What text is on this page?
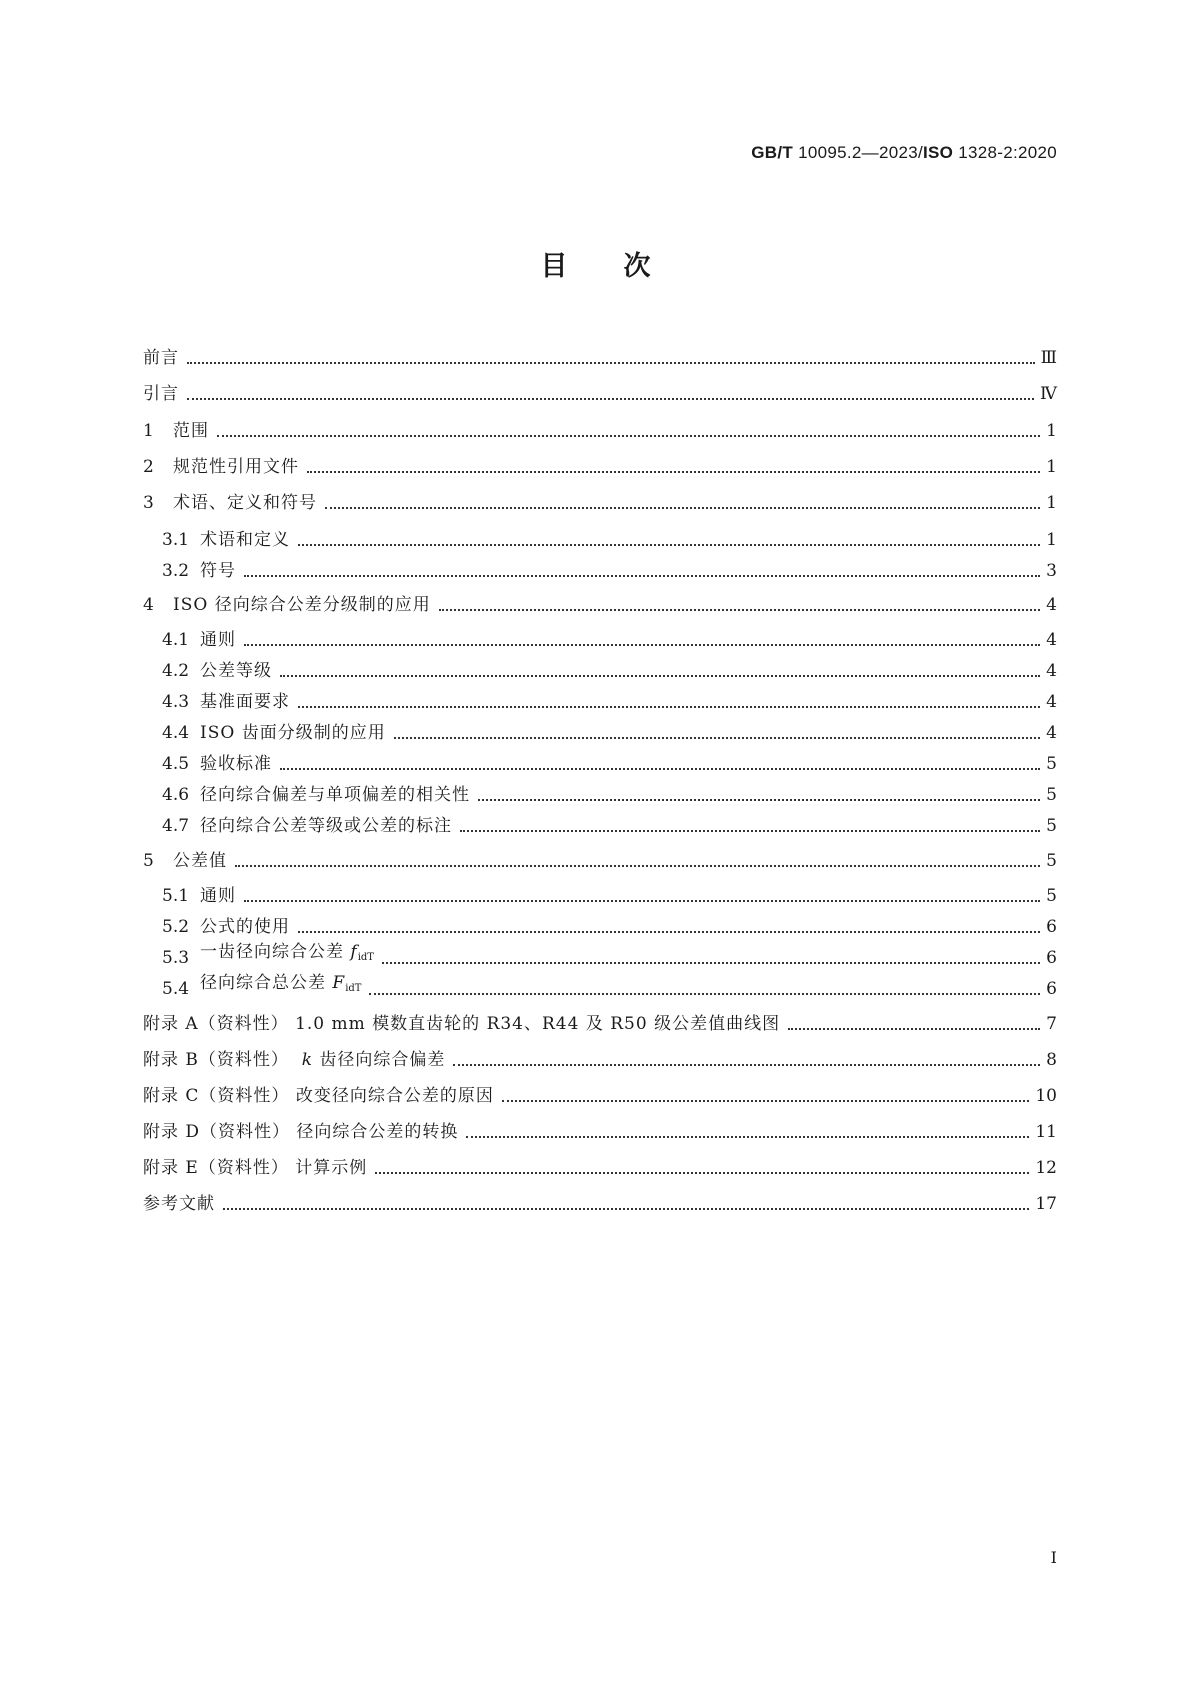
GB/T 10095.2—2023/ISO 1328-2:2020
目次
前言	Ⅲ
引言	Ⅳ
1	范围	1
2	规范性引用文件	1
3	术语、定义和符号	1
3.1 术语和定义	1
3.2 符号	3
4	ISO 径向综合公差分级制的应用	4
4.1 通则	4
4.2 公差等级	4
4.3 基准面要求	4
4.4 ISO 齿面分级制的应用	4
4.5 验收标准	5
4.6 径向综合偏差与单项偏差的相关性	5
4.7 径向综合公差等级或公差的标注	5
5	公差值	5
5.1 通则	5
5.2 公式的使用	6
5.3 一齿径向综合公差 $f_{idT}$	6
5.4 径向综合总公差 $F_{idT}$	6
附录 A（资料性） 1.0 mm 模数直齿轮的 R34、R44 及 R50 级公差值曲线图	7
附录 B（资料性） k 齿径向综合偏差	8
附录 C（资料性） 改变径向综合公差的原因	10
附录 D（资料性） 径向综合公差的转换	11
附录 E（资料性） 计算示例	12
参考文献	17
I
